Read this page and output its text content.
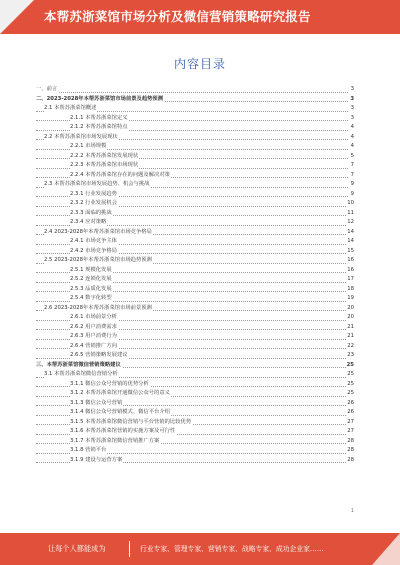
本帮苏浙菜馆市场分析及微信营销策略研究报告
内容目录
一、前言	3
二、2023-2028年本帮苏浙菜馆市场前景及趋势预测	3
2.1 本帮苏浙菜馆概述	3
2.1.1 本帮苏浙菜馆定义	3
2.1.2 本帮苏浙菜馆特点	4
2.2 本帮苏浙菜馆市场发展现状	4
2.2.1 市场规模	4
2.2.2 本帮苏浙菜馆发展现状	5
2.2.3 本帮苏浙菜馆市场现状	7
2.2.4 本帮苏浙菜馆存在的问题及解决对策	7
2.3 本帮苏浙菜馆市场发展趋势、机会与挑战	9
2.3.1 行业发展趋势	9
2.3.2 行业发展机会	10
2.3.3 面临的挑战	11
2.3.4 应对策略	12
2.4 2023-2028年本帮苏浙菜馆市场竞争格局	14
2.4.1 市场竞争主体	14
2.4.2 市场竞争格局	15
2.5 2023-2028年本帮苏浙菜馆市场趋势预测	16
2.5.1 规模化发展	16
2.5.2 连锁化发展	17
2.5.3 品质化发展	18
2.5.4 数字化转型	19
2.6 2023-2028年本帮苏浙菜馆市场前景预测	20
2.6.1 市场前景分析	20
2.6.2 用户消费需求	21
2.6.3 用户消费行为	21
2.6.4 营销推广方向	22
2.6.5 营销策略发展建议	23
三、本帮苏浙菜馆微信营销策略建议	25
3.1 本帮苏浙菜馆微信营销分析	25
3.1.1 微信公众号营销的优势分析	25
3.1.2 本帮苏浙菜馆开通微信公众号的意义	25
3.1.3 微信公众号营销	26
3.1.4 微信公众号营销模式、微信平台介绍	26
3.1.5 本帮苏浙菜馆微信营销与平台营销的比较优势	27
3.1.6 本帮苏浙菜馆营销的实施方案及可行性	27
3.1.7 本帮苏浙菜馆微信营销推广方案	28
3.1.8 营销平台	28
3.1.9 建设与运营方案	28
1
让每个人都能成为	行业专家、管理专家、营销专家、战略专家、成功企业家……
